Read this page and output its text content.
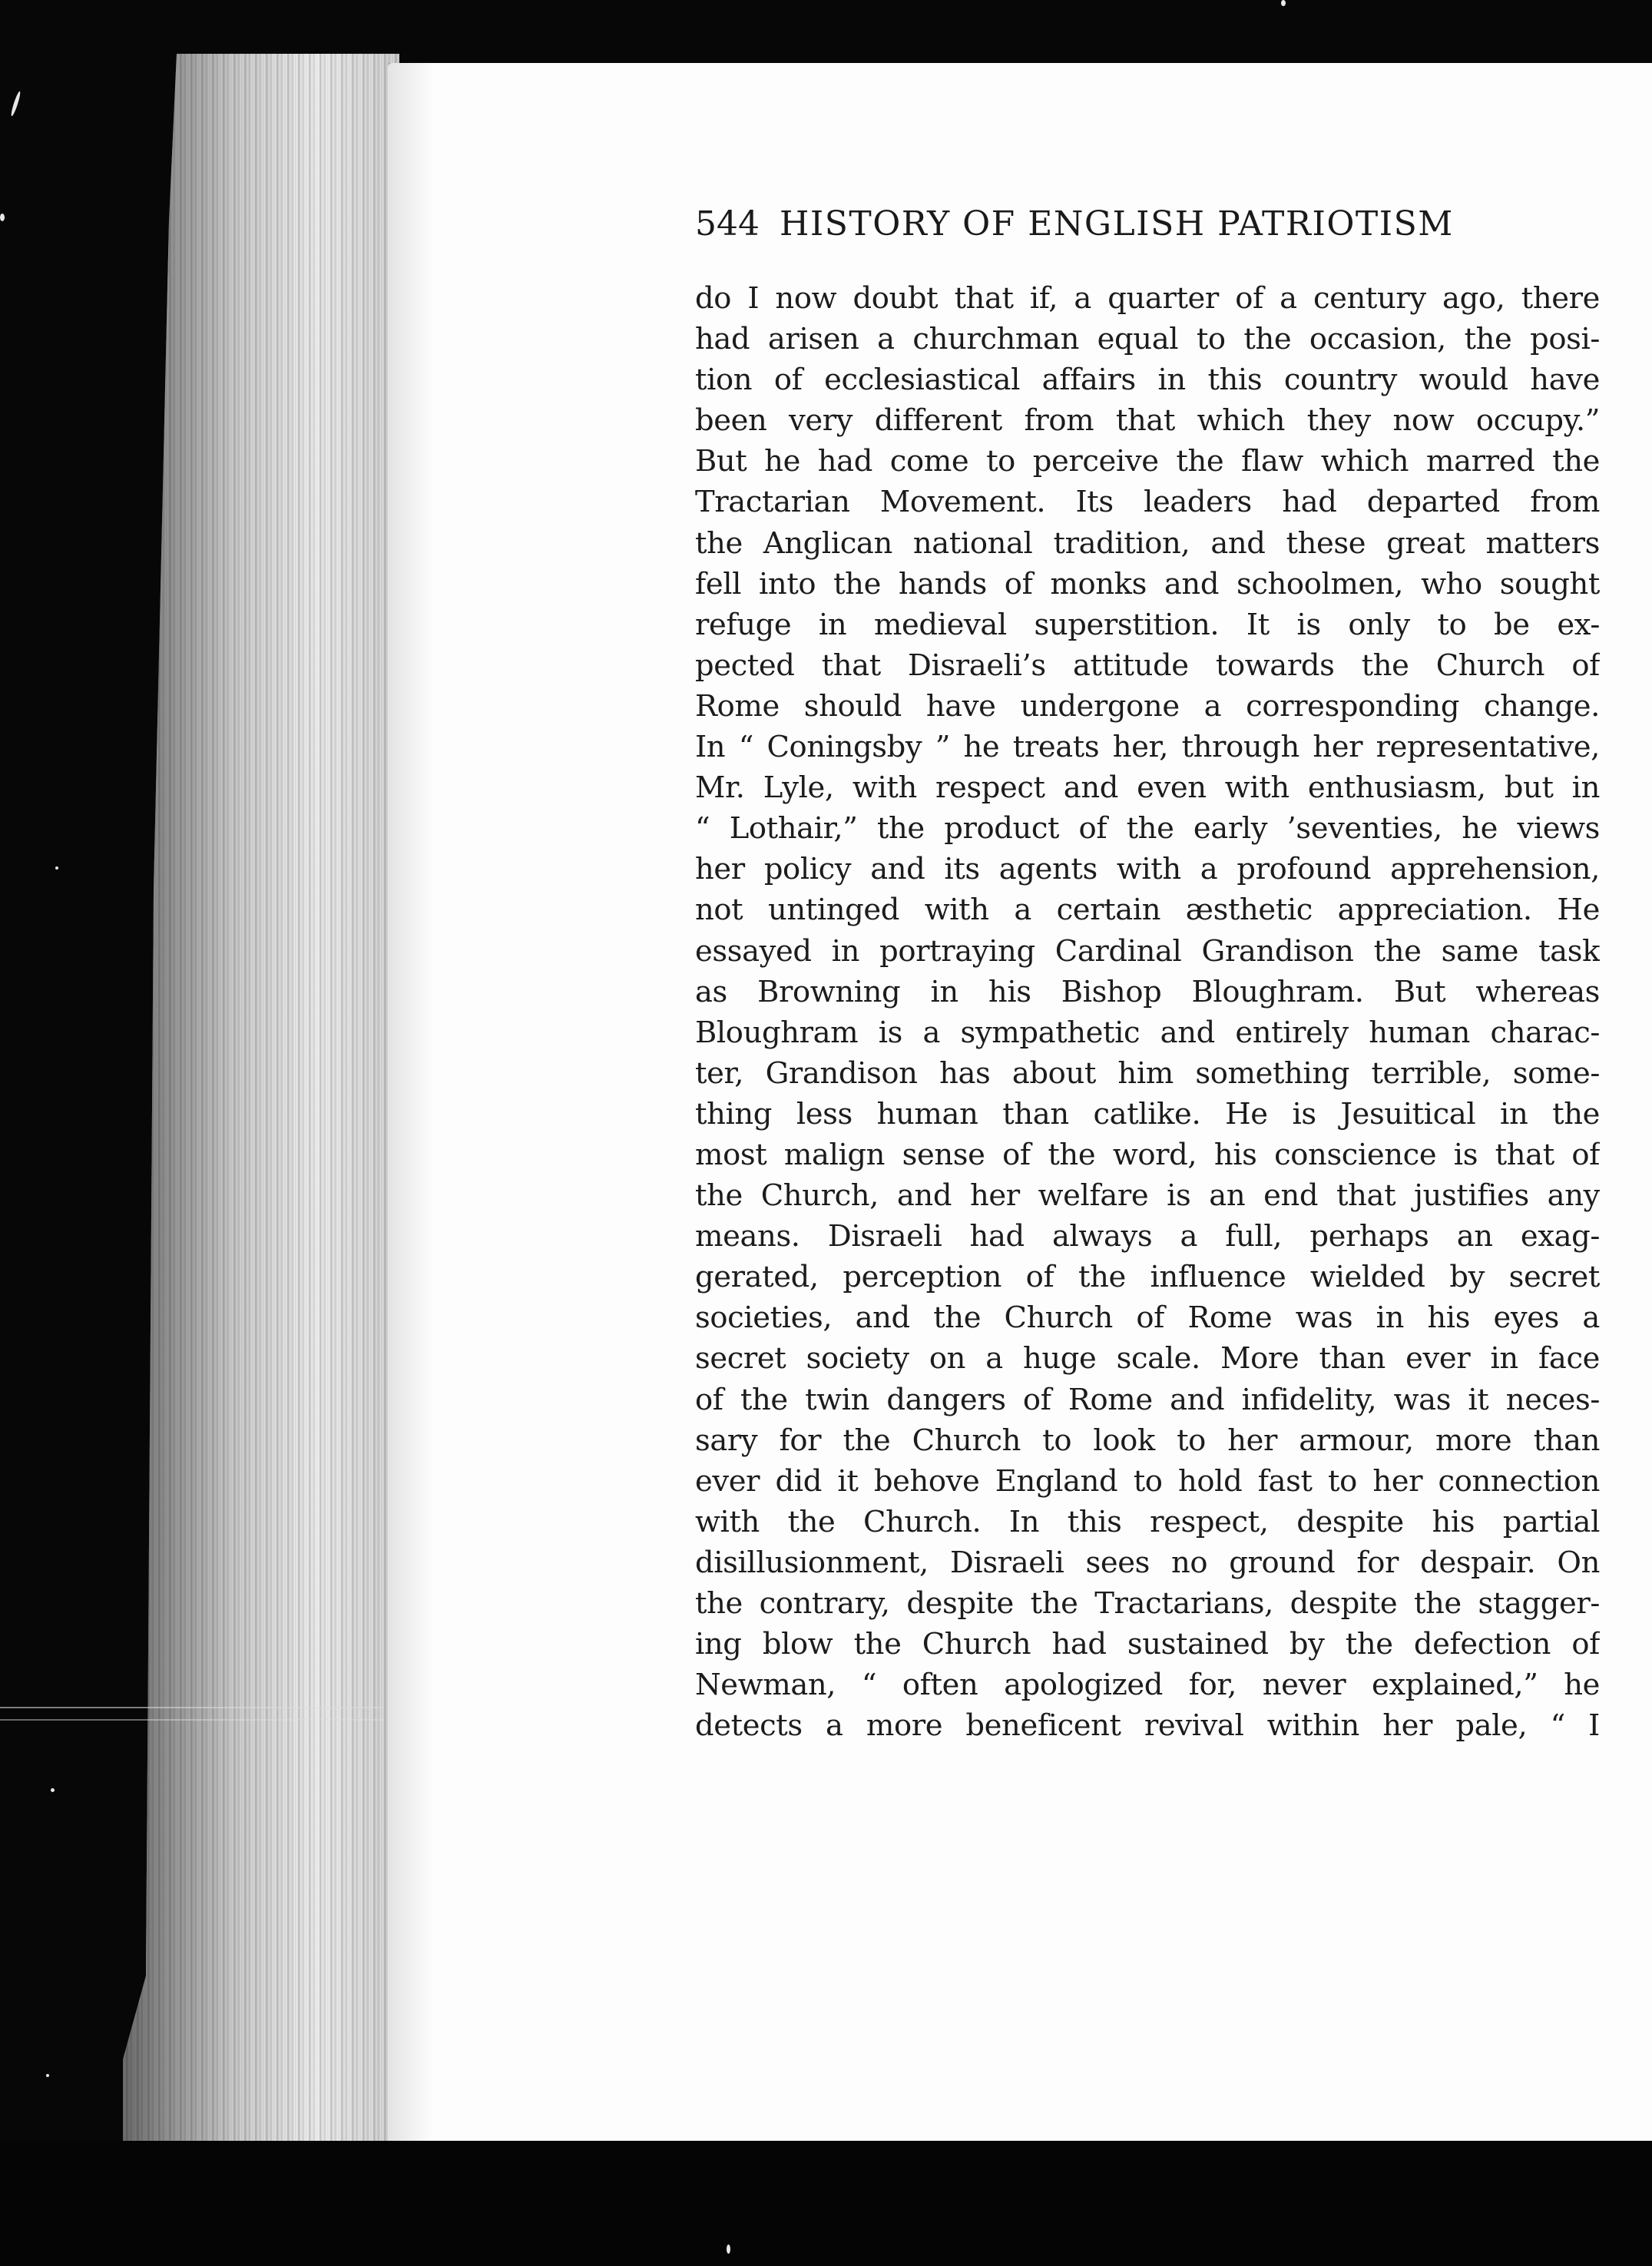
544 HISTORY OF ENGLISH PATRIOTISM
do I now doubt that if, a quarter of a century ago, there
had arisen a churchman equal to the occasion, the posi-
tion of ecclesiastical affairs in this country would have
been very different from that which they now occupy.”
But he had come to perceive the flaw which marred the
Tractarian Movement. Its leaders had departed from
the Anglican national tradition, and these great matters
fell into the hands of monks and schoolmen, who sought
refuge in medieval superstition. It is only to be ex-
pected that Disraeli’s attitude towards the Church of
Rome should have undergone a corresponding change.
In “ Coningsby ” he treats her, through her representative,
Mr. Lyle, with respect and even with enthusiasm, but in
“ Lothair,” the product of the early ’seventies, he views
her policy and its agents with a profound apprehension,
not untinged with a certain æsthetic appreciation. He
essayed in portraying Cardinal Grandison the same task
as Browning in his Bishop Bloughram. But whereas
Bloughram is a sympathetic and entirely human charac-
ter, Grandison has about him something terrible, some-
thing less human than catlike. He is Jesuitical in the
most malign sense of the word, his conscience is that of
the Church, and her welfare is an end that justifies any
means. Disraeli had always a full, perhaps an exag-
gerated, perception of the influence wielded by secret
societies, and the Church of Rome was in his eyes a
secret society on a huge scale. More than ever in face
of the twin dangers of Rome and infidelity, was it neces-
sary for the Church to look to her armour, more than
ever did it behove England to hold fast to her connection
with the Church. In this respect, despite his partial
disillusionment, Disraeli sees no ground for despair. On
the contrary, despite the Tractarians, despite the stagger-
ing blow the Church had sustained by the defection of
Newman, “ often apologized for, never explained,” he
detects a more beneficent revival within her pale, “ I
